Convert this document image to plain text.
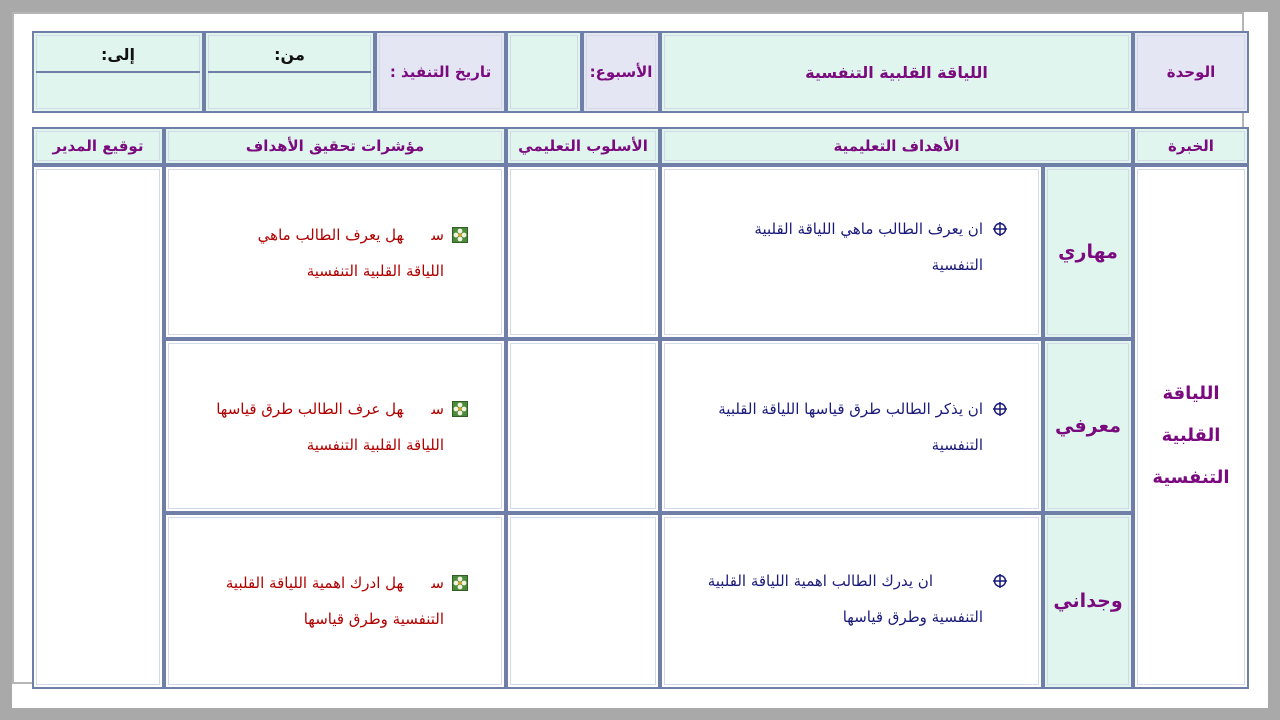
الوحدة
اللياقة القلبية التنفسية
الأسبوع:
تاريخ التنفيذ :
من:
إلى:
الخبرة
الأهداف التعليمية
الأسلوب التعليمي
مؤشرات تحقيق الأهداف
توقيع المدير
اللياقة
القلبية
التنفسية
مهاري
معرفي
وجداني
ان يعرف الطالب ماهي اللياقة القلبية
التنفسية
ان يذكر الطالب طرق قياسها اللياقة القلبية
التنفسية
ان يدرك الطالب اهمية اللياقة القلبية
التنفسية وطرق قياسها
سهل يعرف الطالب ماهي
اللياقة القلبية التنفسية
سهل عرف الطالب طرق قياسها
اللياقة القلبية التنفسية
سهل ادرك اهمية اللياقة القلبية
التنفسية وطرق قياسها
